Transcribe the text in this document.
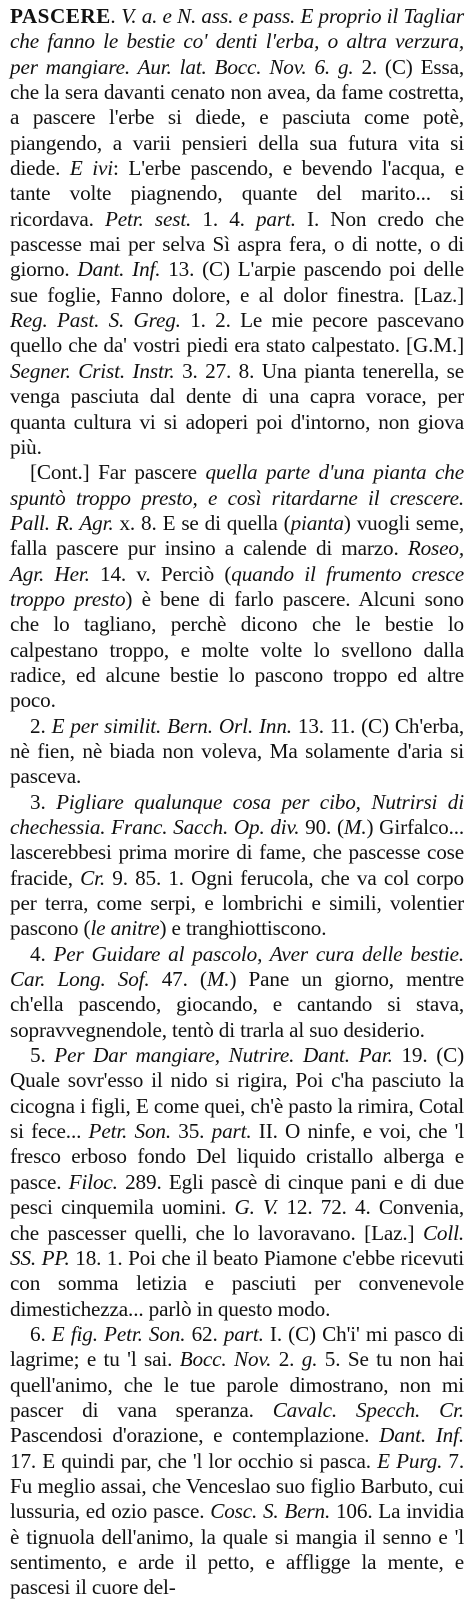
PASCERE. V. a. e N. ass. e pass. E proprio il Tagliar che fanno le bestie co' denti l'erba, o altra verzura, per mangiare. Aur. lat. Bocc. Nov. 6. g. 2. (C) Essa, che la sera davanti cenato non avea, da fame costretta, a pascere l'erbe si diede, e pasciuta come potè, piangendo, a varii pensieri della sua futura vita si diede. E ivi: L'erbe pascendo, e bevendo l'acqua, e tante volte piagnendo, quante del marito... si ricordava. Petr. sest. 1. 4. part. I. Non credo che pascesse mai per selva Sì aspra fera, o di notte, o di giorno. Dant. Inf. 13. (C) L'arpie pascendo poi delle sue foglie, Fanno dolore, e al dolor finestra. [Laz.] Reg. Past. S. Greg. 1. 2. Le mie pecore pascevano quello che da' vostri piedi era stato calpestato. [G.M.] Segner. Crist. Instr. 3. 27. 8. Una pianta tenerella, se venga pasciuta dal dente di una capra vorace, per quanta cultura vi si adoperi poi d'intorno, non giova più.

[Cont.] Far pascere quella parte d'una pianta che spuntò troppo presto, e così ritardarne il crescere. Pall. R. Agr. x. 8. E se di quella (pianta) vuogli seme, falla pascere pur insino a calende di marzo. Roseo, Agr. Her. 14. v. Perciò (quando il frumento cresce troppo presto) è bene di farlo pascere. Alcuni sono che lo tagliano, perchè dicono che le bestie lo calpestano troppo, e molte volte lo svellono dalla radice, ed alcune bestie lo pascono troppo ed altre poco.

2. E per similit. Bern. Orl. Inn. 13. 11. (C) Ch'erba, nè fien, nè biada non voleva, Ma solamente d'aria si pasceva.

3. Pigliare qualunque cosa per cibo, Nutrirsi di chechessia. Franc. Sacch. Op. div. 90. (M.) Girfalco... lascerebbesi prima morire di fame, che pascesse cose fracide, Cr. 9. 85. 1. Ogni ferucola, che va col corpo per terra, come serpi, e lombrichi e simili, volentier pascono (le anitre) e tranghiottiscono.

4. Per Guidare al pascolo, Aver cura delle bestie. Car. Long. Sof. 47. (M.) Pane un giorno, mentre ch'ella pascendo, giocando, e cantando si stava, sopravvegnendole, tentò di trarla al suo desiderio.

5. Per Dar mangiare, Nutrire. Dant. Par. 19. (C) Quale sovr'esso il nido si rigira, Poi c'ha pasciuto la cicogna i figli, E come quei, ch'è pasto la rimira, Cotal si fece... Petr. Son. 35. part. II. O ninfe, e voi, che 'l fresco erboso fondo Del liquido cristallo alberga e pasce. Filoc. 289. Egli pascè di cinque pani e di due pesci cinquemila uomini. G. V. 12. 72. 4. Convenia, che pascesser quelli, che lo lavoravano. [Laz.] Coll. SS. PP. 18. 1. Poi che il beato Piamone c'ebbe ricevuti con somma letizia e pasciuti per convenevole dimestichezza... parlò in questo modo.

6. E fig. Petr. Son. 62. part. I. (C) Ch'i' mi pasco di lagrime; e tu 'l sai. Bocc. Nov. 2. g. 5. Se tu non hai quell'animo, che le tue parole dimostrano, non mi pascer di vana speranza. Cavalc. Specch. Cr. Pascendosi d'orazione, e contemplazione. Dant. Inf. 17. E quindi par, che 'l lor occhio si pasca. E Purg. 7. Fu meglio assai, che Venceslao suo figlio Barbuto, cui lussuria, ed ozio pasce. Cosc. S. Bern. 106. La invidia è tignuola dell'animo, la quale si mangia il senno e 'l sentimento, e arde il petto, e affligge la mente, e pascesi il cuore del-
